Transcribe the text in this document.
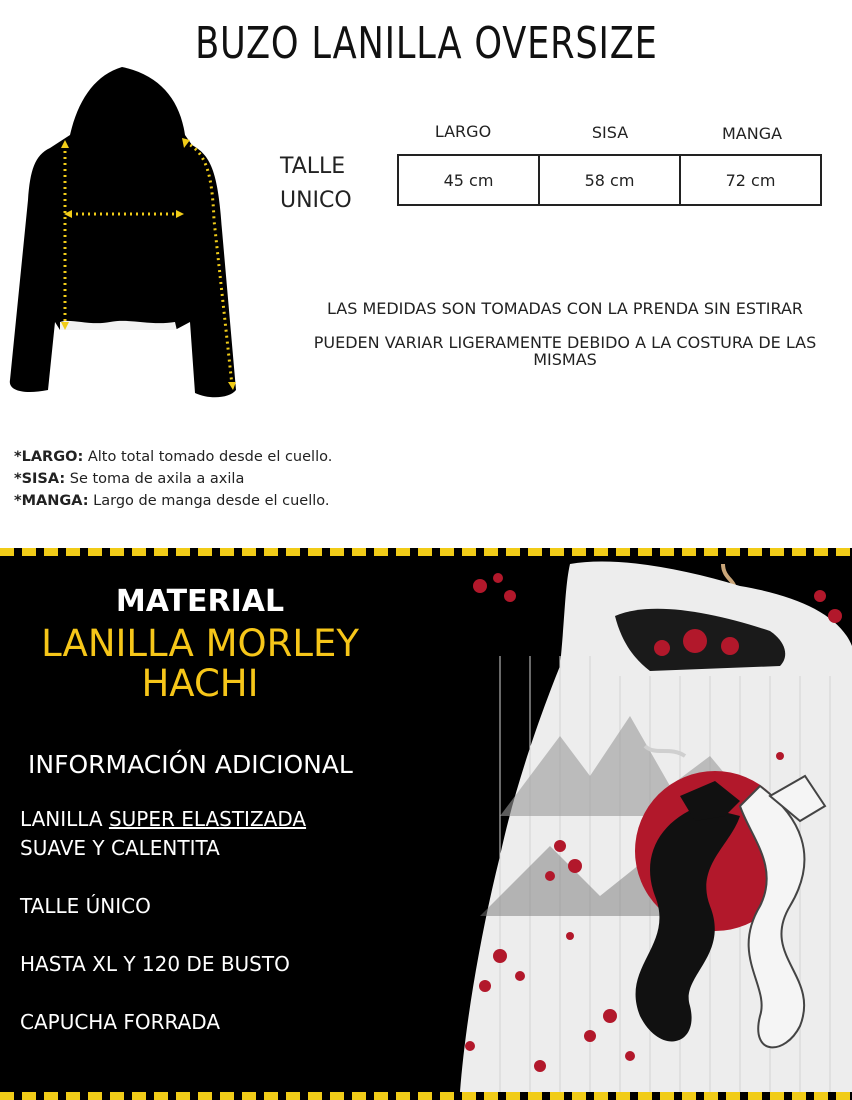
BUZO LANILLA OVERSIZE
TALLE
UNICO
LARGO	SISA	MANGA
45 cm	58 cm	72 cm
LAS MEDIDAS SON TOMADAS CON LA PRENDA SIN ESTIRAR
PUEDEN VARIAR LIGERAMENTE DEBIDO A LA COSTURA DE LAS
MISMAS
*LARGO: Alto total tomado desde el cuello.
*SISA: Se toma de axila a axila
*MANGA: Largo de manga desde el cuello.
MATERIAL
LANILLA MORLEY
HACHI
INFORMACIÓN ADICIONAL
LANILLA SUPER ELASTIZADA
SUAVE Y CALENTITA
TALLE ÚNICO
HASTA XL Y 120 DE BUSTO
CAPUCHA FORRADA
